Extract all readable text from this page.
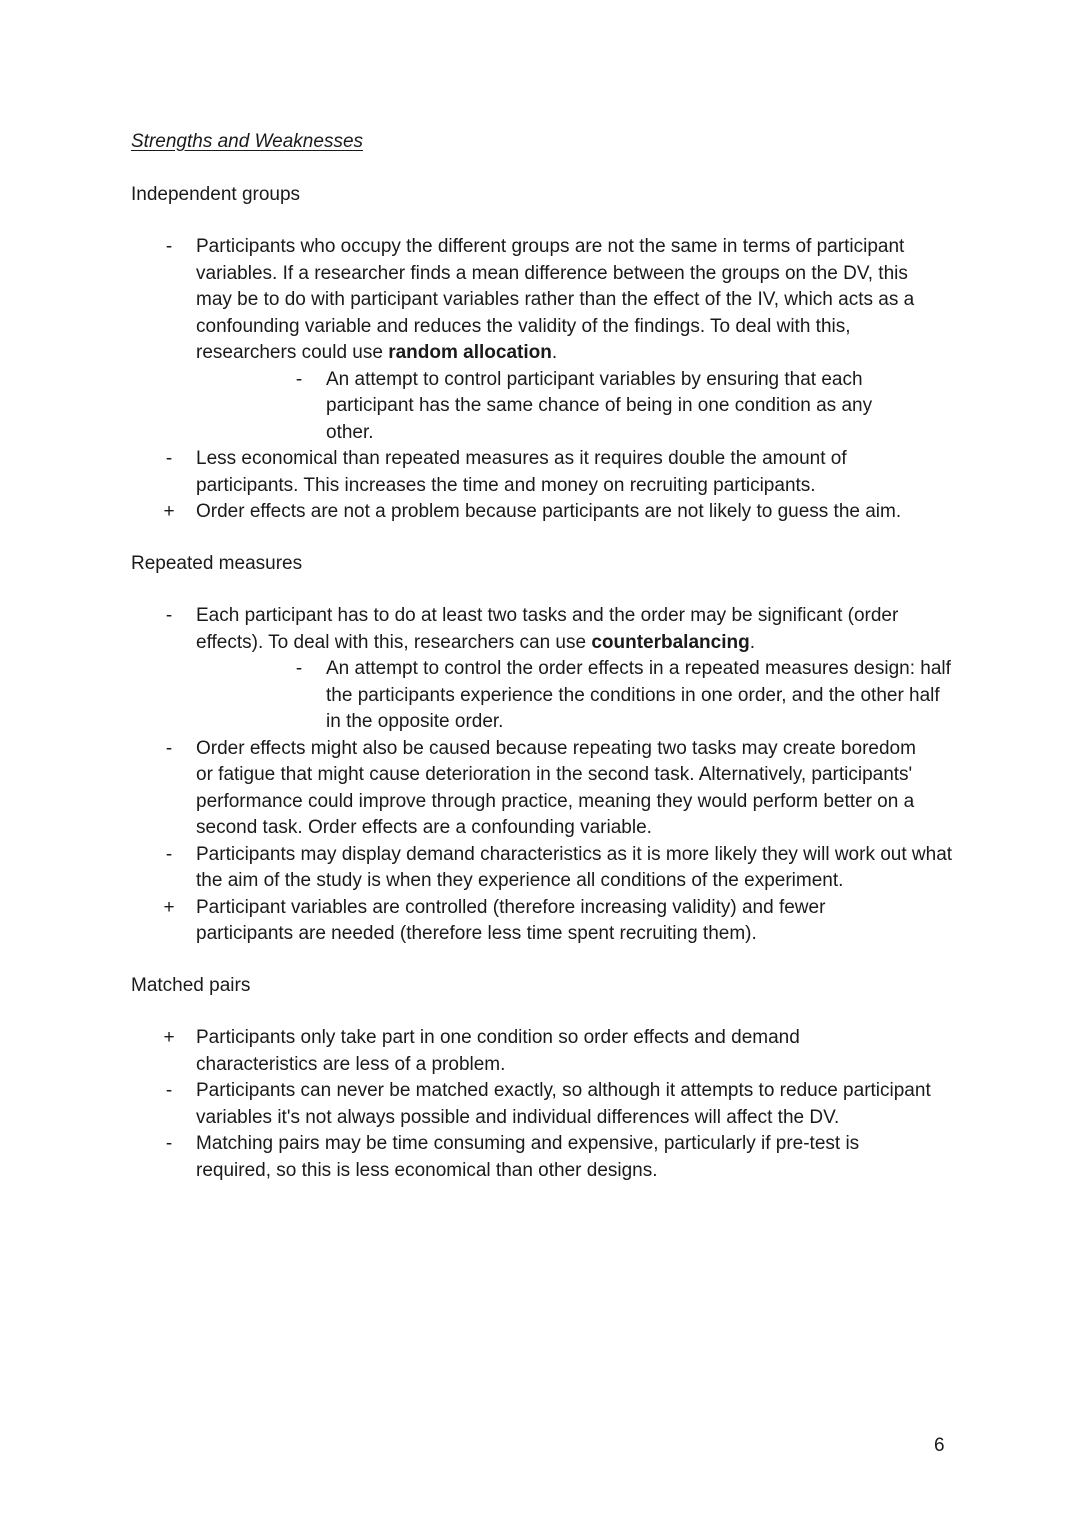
Strengths and Weaknesses
Independent groups
- Participants who occupy the different groups are not the same in terms of participant variables. If a researcher finds a mean difference between the groups on the DV, this may be to do with participant variables rather than the effect of the IV, which acts as a confounding variable and reduces the validity of the findings. To deal with this, researchers could use random allocation.
- An attempt to control participant variables by ensuring that each participant has the same chance of being in one condition as any other.
- Less economical than repeated measures as it requires double the amount of participants. This increases the time and money on recruiting participants.
+ Order effects are not a problem because participants are not likely to guess the aim.
Repeated measures
- Each participant has to do at least two tasks and the order may be significant (order effects). To deal with this, researchers can use counterbalancing.
- An attempt to control the order effects in a repeated measures design: half the participants experience the conditions in one order, and the other half in the opposite order.
- Order effects might also be caused because repeating two tasks may create boredom or fatigue that might cause deterioration in the second task. Alternatively, participants' performance could improve through practice, meaning they would perform better on a second task. Order effects are a confounding variable.
- Participants may display demand characteristics as it is more likely they will work out what the aim of the study is when they experience all conditions of the experiment.
+ Participant variables are controlled (therefore increasing validity) and fewer participants are needed (therefore less time spent recruiting them).
Matched pairs
+ Participants only take part in one condition so order effects and demand characteristics are less of a problem.
- Participants can never be matched exactly, so although it attempts to reduce participant variables it's not always possible and individual differences will affect the DV.
- Matching pairs may be time consuming and expensive, particularly if pre-test is required, so this is less economical than other designs.
6
